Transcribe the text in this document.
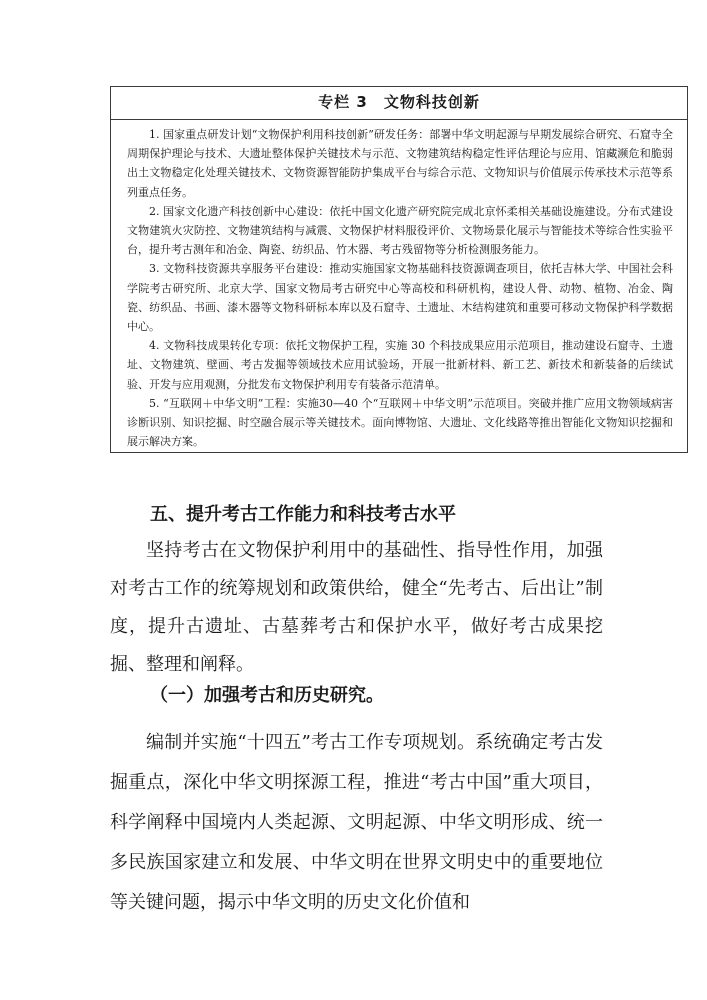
专栏 3　文物科技创新

1. 国家重点研发计划“文物保护利用科技创新”研发任务：部署中华文明起源与早期发展综合研究、石窟寺全周期保护理论与技术、大遗址整体保护关键技术与示范、文物建筑结构稳定性评估理论与应用、馆藏濒危和脆弱出土文物稳定化处理关键技术、文物资源智能防护集成平台与综合示范、文物知识与价值展示传承技术示范等系列重点任务。

2. 国家文化遗产科技创新中心建设：依托中国文化遗产研究院完成北京怀柔相关基础设施建设。分布式建设文物建筑火灾防控、文物建筑结构与减震、文物保护材料服役评价、文物场景化展示与智能技术等综合性实验平台，提升考古测年和冶金、陶瓷、纺织品、竹木器、考古残留物等分析检测服务能力。

3. 文物科技资源共享服务平台建设：推动实施国家文物基础科技资源调查项目，依托吉林大学、中国社会科学院考古研究所、北京大学、国家文物局考古研究中心等高校和科研机构，建设人骨、动物、植物、冶金、陶瓷、纺织品、书画、漆木器等文物科研标本库以及石窟寺、土遗址、木结构建筑和重要可移动文物保护科学数据中心。

4. 文物科技成果转化专项：依托文物保护工程，实施 30 个科技成果应用示范项目，推动建设石窟寺、土遗址、文物建筑、壁画、考古发掘等领域技术应用试验场，开展一批新材料、新工艺、新技术和新装备的后续试验、开发与应用观测，分批发布文物保护利用专有装备示范清单。

5. “互联网＋中华文明”工程：实施30—40 个“互联网＋中华文明”示范项目。突破并推广应用文物领域病害诊断识别、知识挖掘、时空融合展示等关键技术。面向博物馆、大遗址、文化线路等推出智能化文物知识挖掘和展示解决方案。

五、提升考古工作能力和科技考古水平

坚持考古在文物保护利用中的基础性、指导性作用，加强对考古工作的统筹规划和政策供给，健全“先考古、后出让”制度，提升古遗址、古墓葬考古和保护水平，做好考古成果挖掘、整理和阐释。

（一）加强考古和历史研究。

编制并实施“十四五”考古工作专项规划。系统确定考古发掘重点，深化中华文明探源工程，推进“考古中国”重大项目，科学阐释中国境内人类起源、文明起源、中华文明形成、统一多民族国家建立和发展、中华文明在世界文明史中的重要地位等关键问题，揭示中华文明的历史文化价值和
